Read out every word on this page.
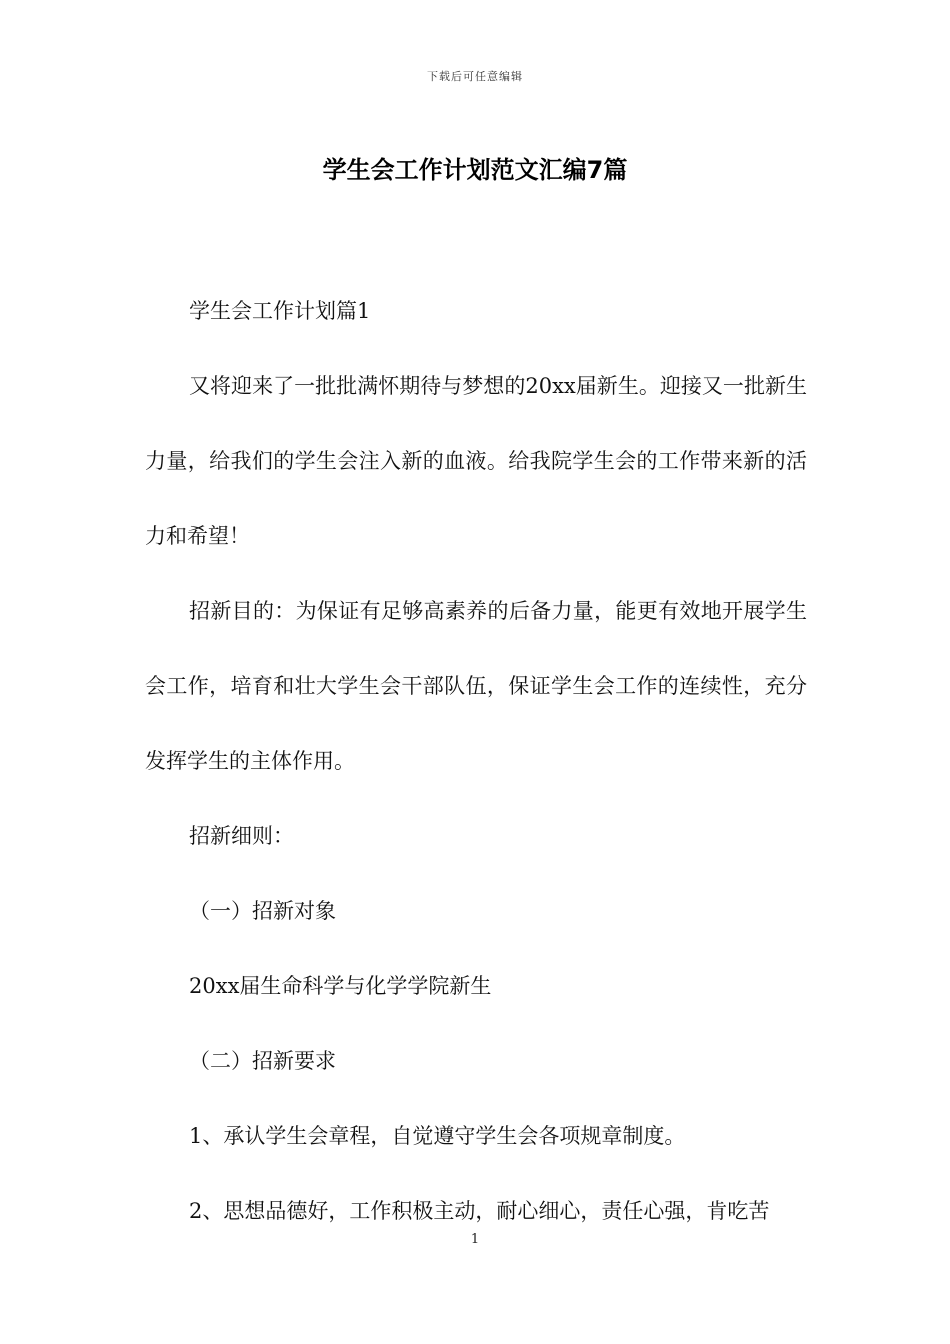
下载后可任意编辑
学生会工作计划范文汇编7篇

学生会工作计划篇1

又将迎来了一批批满怀期待与梦想的20xx届新生。迎接又一批新生力量，给我们的学生会注入新的血液。给我院学生会的工作带来新的活力和希望！

招新目的：为保证有足够高素养的后备力量，能更有效地开展学生会工作，培育和壮大学生会干部队伍，保证学生会工作的连续性，充分发挥学生的主体作用。

招新细则：

（一）招新对象

20xx届生命科学与化学学院新生

（二）招新要求

1、承认学生会章程，自觉遵守学生会各项规章制度。

2、思想品德好，工作积极主动，耐心细心，责任心强，肯吃苦

1
